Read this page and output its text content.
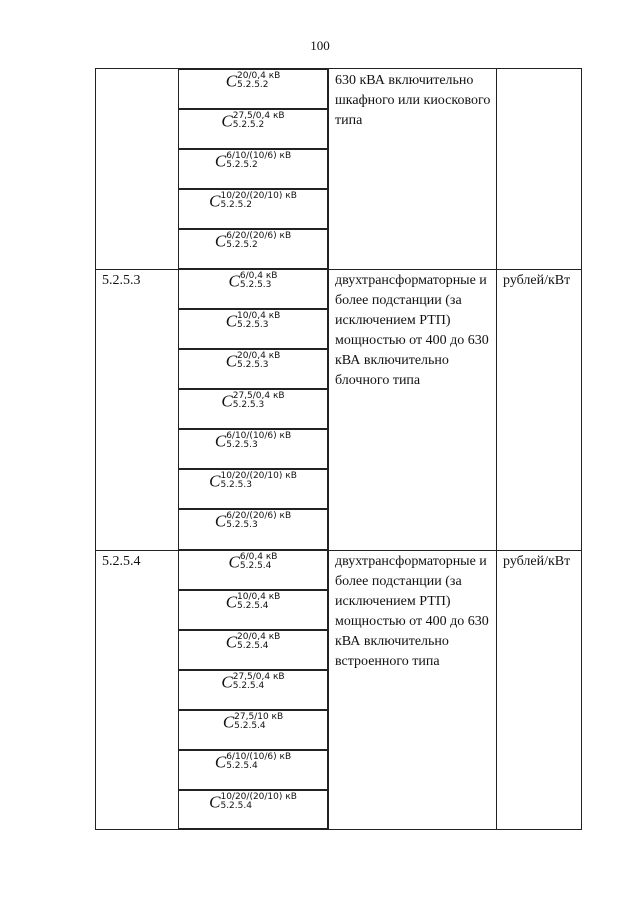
100
630 кВА включительно шкафного или киоскового типа
5.2.5.3	двухтрансформаторные и более подстанции (за исключением РТП) мощностью от 400 до 630 кВА включительно блочного типа
рублей/кВт
5.2.5.4	двухтрансформаторные и более подстанции (за исключением РТП) мощностью от 400 до 630 кВА включительно встроенного типа
рублей/кВт
C 20/0,4 кВ
5.2.5.2
C 27,5/0,4 кВ
5.2.5.2
C 6/10/(10/6) кВ
5.2.5.2
C 10/20/(20/10) кВ
5.2.5.2
C 6/20/(20/6) кВ
5.2.5.2
C 6/0,4 кВ
5.2.5.3
C 10/0,4 кВ
5.2.5.3
C 20/0,4 кВ
5.2.5.3
C 27,5/0,4 кВ
5.2.5.3
C 6/10/(10/6) кВ
5.2.5.3
C 10/20/(20/10) кВ
5.2.5.3
C 6/20/(20/6) кВ
5.2.5.3
C 6/0,4 кВ
5.2.5.4
C 10/0,4 кВ
5.2.5.4
C 20/0,4 кВ
5.2.5.4
C 27,5/0,4 кВ
5.2.5.4
C 27,5/10 кВ
5.2.5.4
C 6/10/(10/6) кВ
5.2.5.4
C 10/20/(20/10) кВ
5.2.5.4
